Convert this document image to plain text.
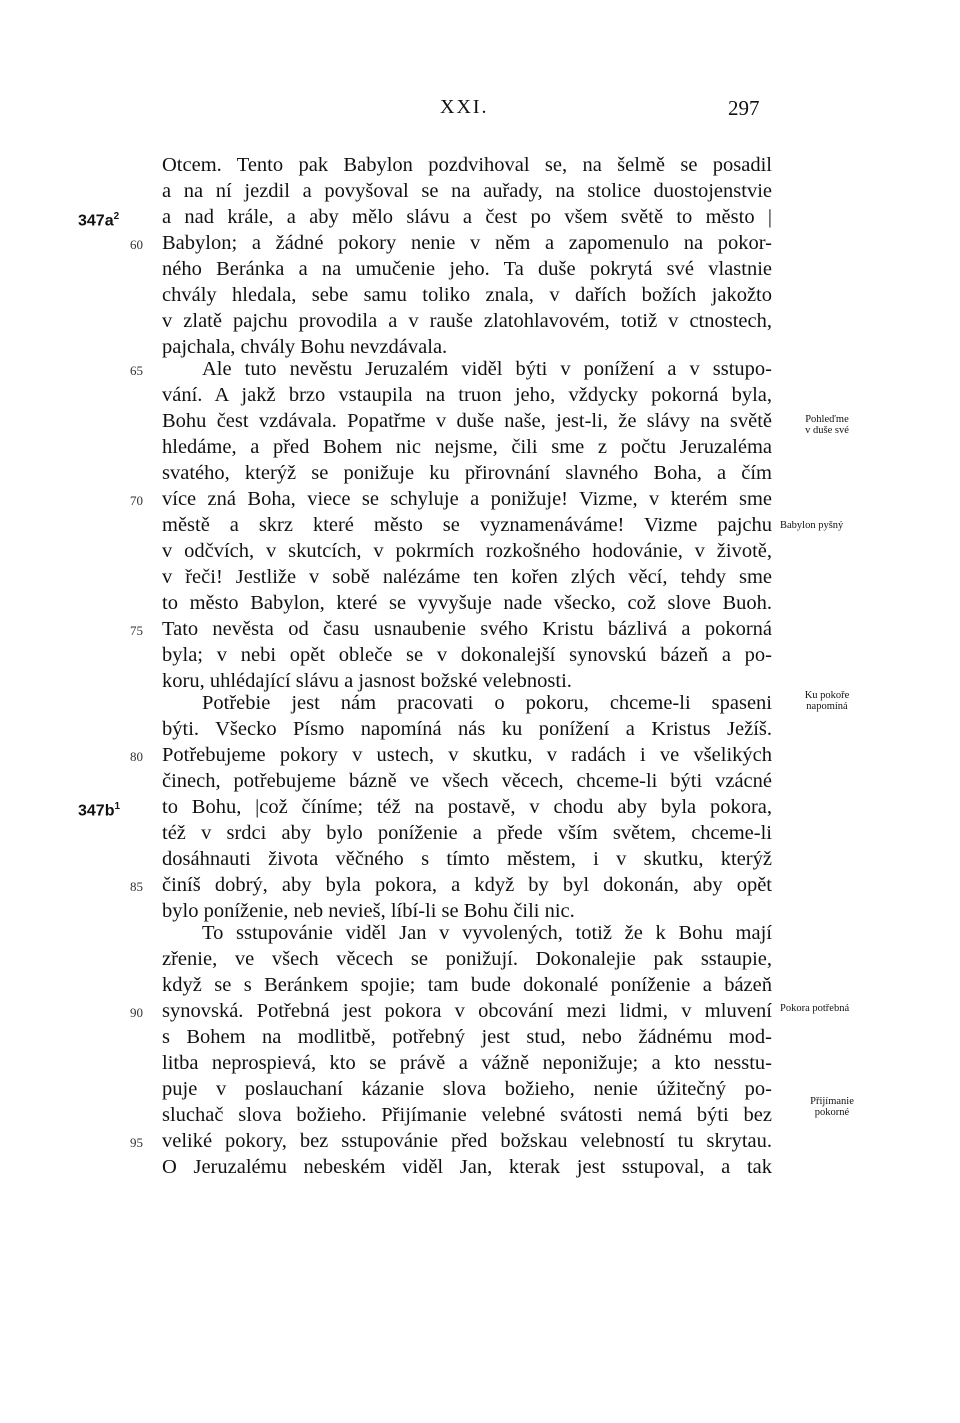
XXI.	297
Otcem. Tento pak Babylon pozdvihoval se, na šelmě se posadil
a na ní jezdil a povyšoval se na auřady, na stolice duostojenstvie
a nad krále, a aby mělo slávu a čest po všem světě to město |
Babylon; a žádné pokory nenie v něm a zapomenulo na pokor-
ného Beránka a na umučenie jeho. Ta duše pokrytá své vlastnie
chvály hledala, sebe samu toliko znala, v dařích božích jakožto
v zlatě pajchu provodila a v rauše zlatohlavovém, totiž v ctnostech,
pajchala, chvály Bohu nevzdávala.
Ale tuto nevěstu Jeruzalém viděl býti v ponížení a v sstupo-
vání. A jakž brzo vstaupila na truon jeho, vždycky pokorná byla,
Bohu čest vzdávala. Popatřme v duše naše, jest-li, že slávy na světě
hledáme, a před Bohem nic nejsme, čili sme z počtu Jeruzaléma
svatého, kterýž se ponižuje ku přirovnání slavného Boha, a čím
více zná Boha, viece se schyluje a ponižuje! Vizme, v kterém sme
městě a skrz které město se vyznamenáváme! Vizme pajchu
v odčvích, v skutcích, v pokrmích rozkošného hodovánie, v životě,
v řeči! Jestliže v sobě nalézáme ten kořen zlých věcí, tehdy sme
to město Babylon, které se vyvyšuje nade všecko, což slove Buoh.
Tato nevěsta od času usnaubenie svého Kristu bázlivá a pokorná
byla; v nebi opět obleče se v dokonalejší synovskú bázeň a po-
koru, uhlédající slávu a jasnost božské velebnosti.
Potřebie jest nám pracovati o pokoru, chceme-li spaseni
býti. Všecko Písmo napomíná nás ku ponížení a Kristus Ježíš.
Potřebujeme pokory v ustech, v skutku, v radách i ve všelikých
činech, potřebujeme bázně ve všech věcech, chceme-li býti vzácné
to Bohu, |což číníme; též na postavě, v chodu aby byla pokora,
též v srdci aby bylo poníženie a přede vším světem, chceme-li
dosáhnauti života věčného s tímto městem, i v skutku, kterýž
činíš dobrý, aby byla pokora, a když by byl dokonán, aby opět
bylo poníženie, neb nevieš, líbí-li se Bohu čili nic.
To sstupovánie viděl Jan v vyvolených, totiž že k Bohu mají
zřenie, ve všech věcech se ponižují. Dokonalejie pak sstaupie,
když se s Beránkem spojie; tam bude dokonalé poníženie a bázeň
synovská. Potřebná jest pokora v obcování mezi lidmi, v mluvení
s Bohem na modlitbě, potřebný jest stud, nebo žádnému mod-
litba neprospievá, kto se právě a vážně neponižuje; a kto nesstu-
puje v poslauchaní kázanie slova božieho, nenie úžitečný po-
sluchač slova božieho. Přijímanie velebné svátosti nemá býti bez
veliké pokory, bez sstupovánie před božskau velebností tu skrytau.
O Jeruzalému nebeském viděl Jan, kterak jest sstupoval, a tak
60
65
70
75
80
85
90
95
$347a^2$
$347b^1$
Pohleďme
v duše své
Babylon pyšný
Ku pokoře
napomíná
Pokora potřebná
Přijímanie
pokorné
